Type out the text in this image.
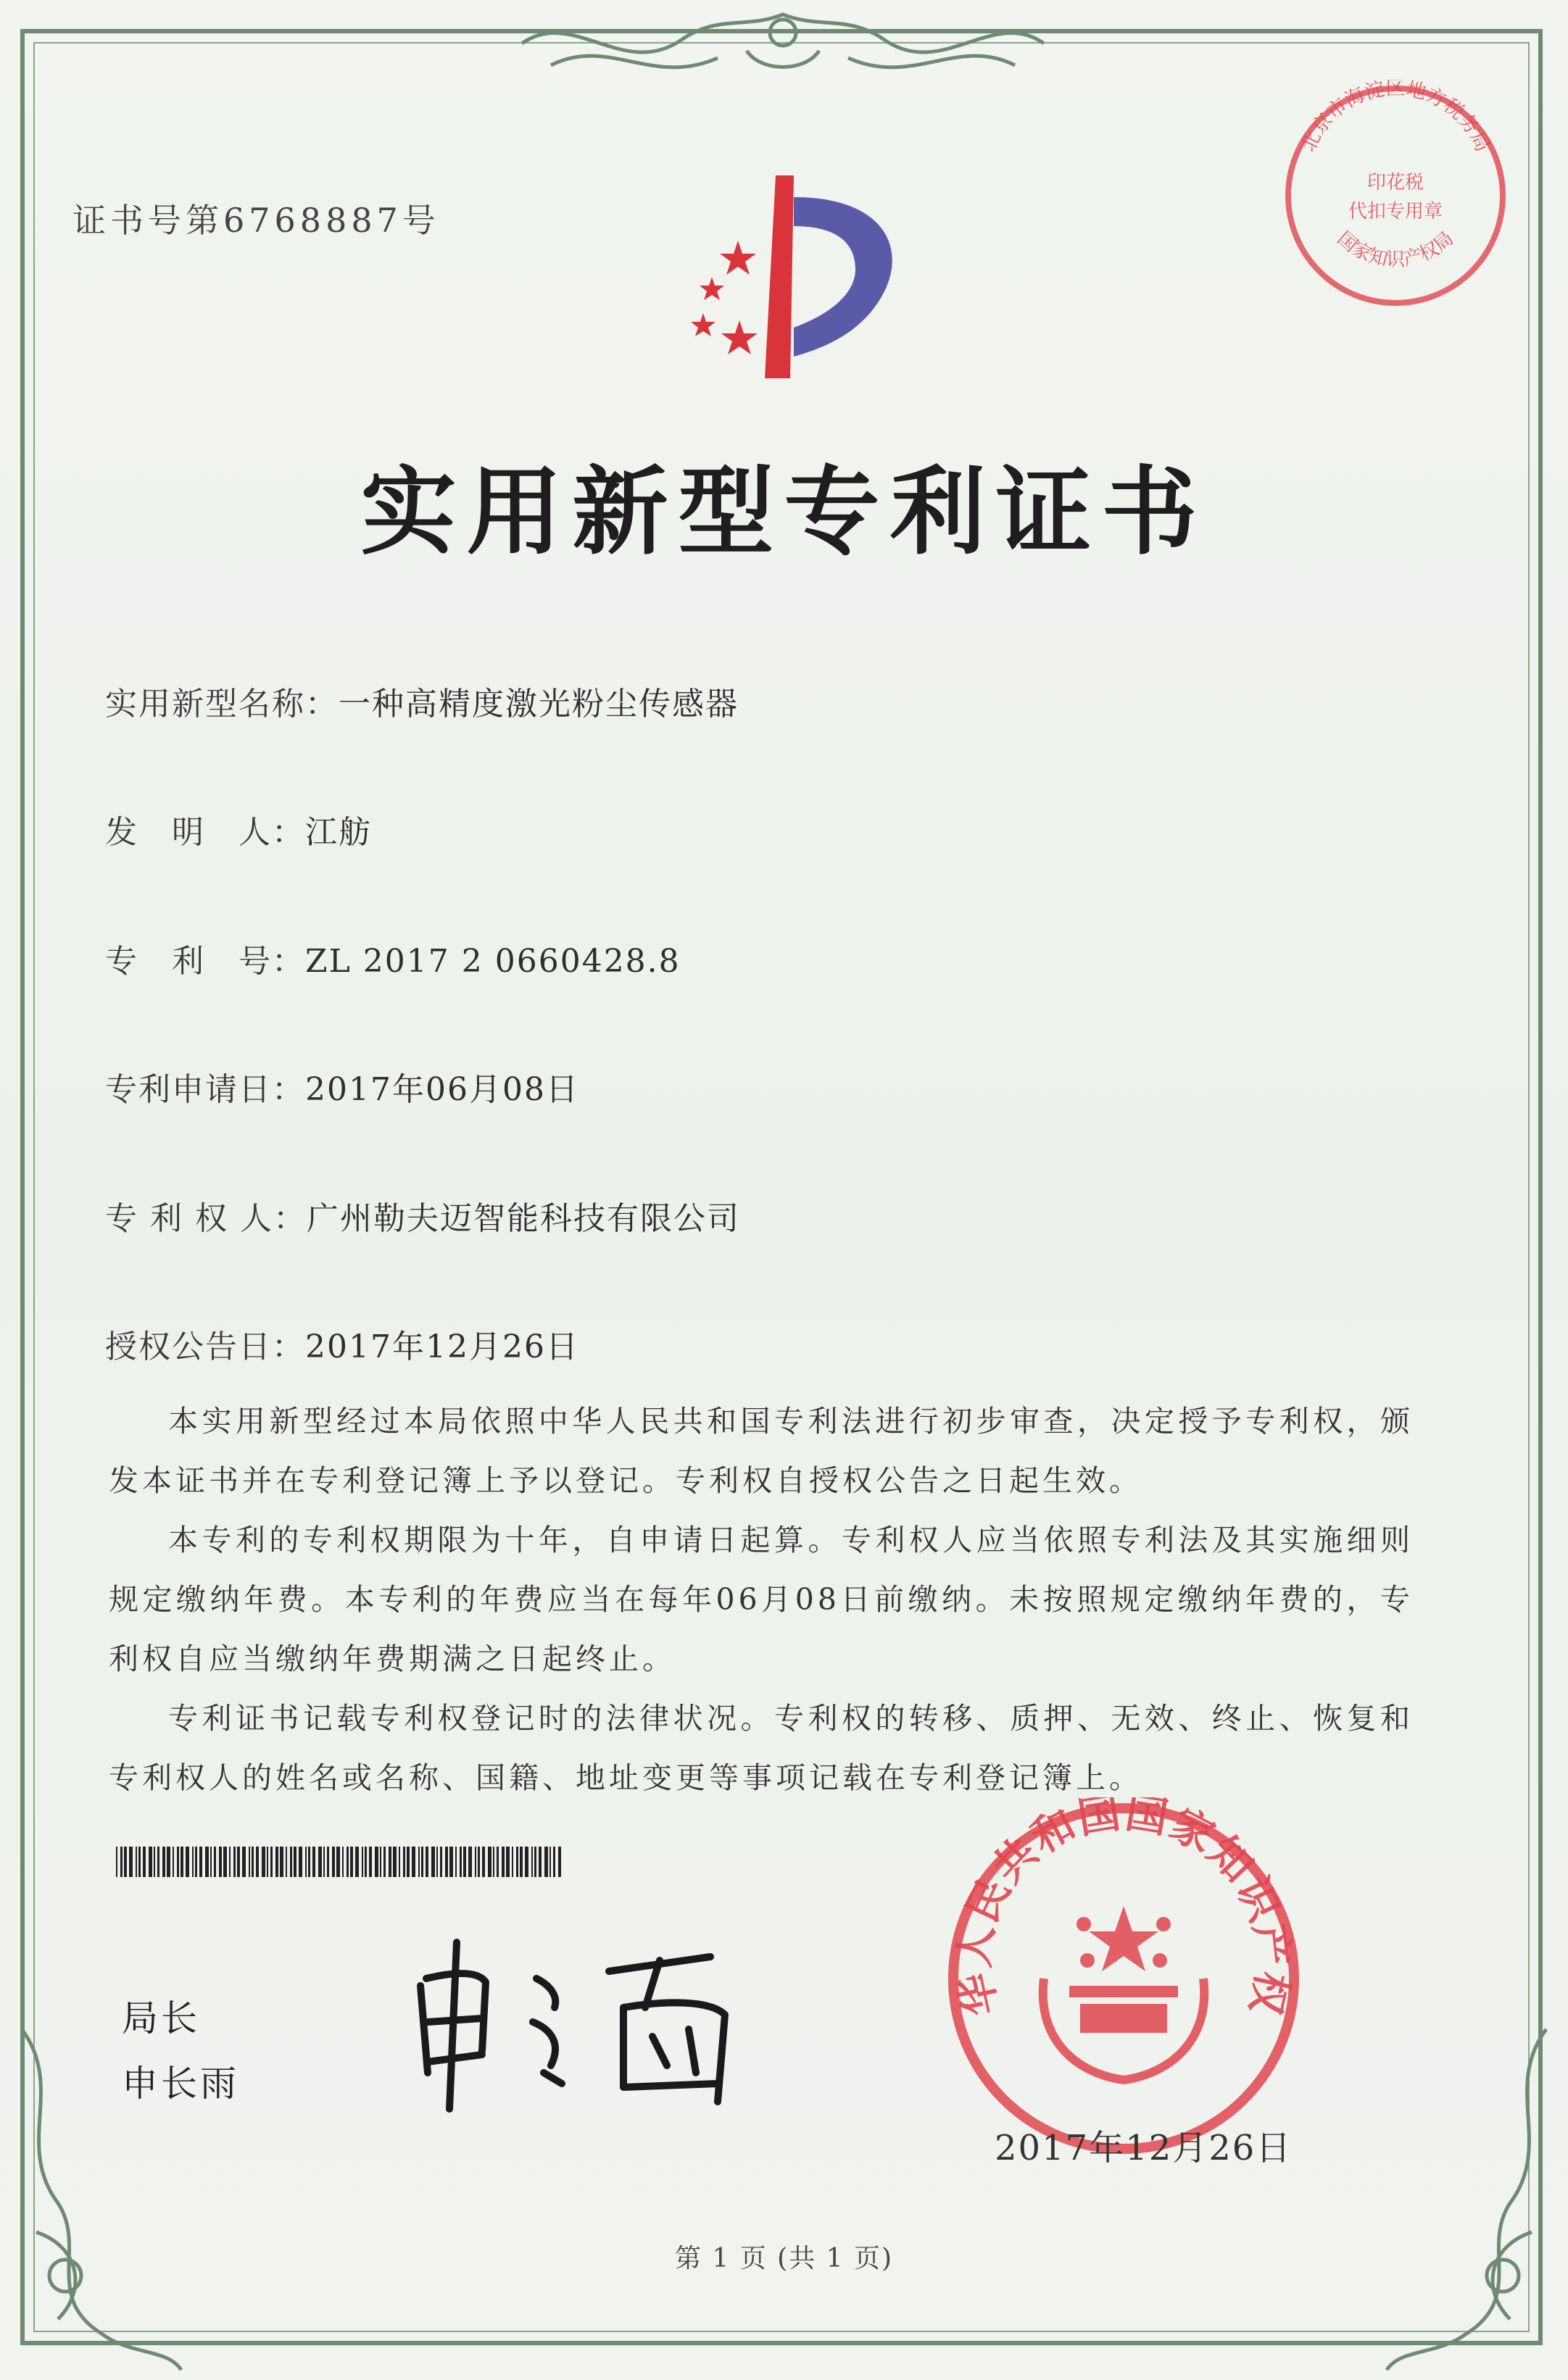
证书号第6768887号
实用新型专利证书
实用新型名称：一种高精度激光粉尘传感器
发　明　人：江舫
专　利　号：ZL 2017 2 0660428.8
专利申请日：2017年06月08日
专 利 权 人：广州勒夫迈智能科技有限公司
授权公告日：2017年12月26日

本实用新型经过本局依照中华人民共和国专利法进行初步审查，决定授予专利权，颁发本证书并在专利登记簿上予以登记。专利权自授权公告之日起生效。

本专利的专利权期限为十年，自申请日起算。专利权人应当依照专利法及其实施细则规定缴纳年费。本专利的年费应当在每年06月08日前缴纳。未按照规定缴纳年费的，专利权自应当缴纳年费期满之日起终止。

专利证书记载专利权登记时的法律状况。专利权的转移、质押、无效、终止、恢复和专利权人的姓名或名称、国籍、地址变更等事项记载在专利登记簿上。

局长
申长雨
华人民共和国国家知识产权
2017年12月26日
北京市海淀区地方税务局
国家知识产权局
印花税
代扣专用章
第 1 页 (共 1 页)
